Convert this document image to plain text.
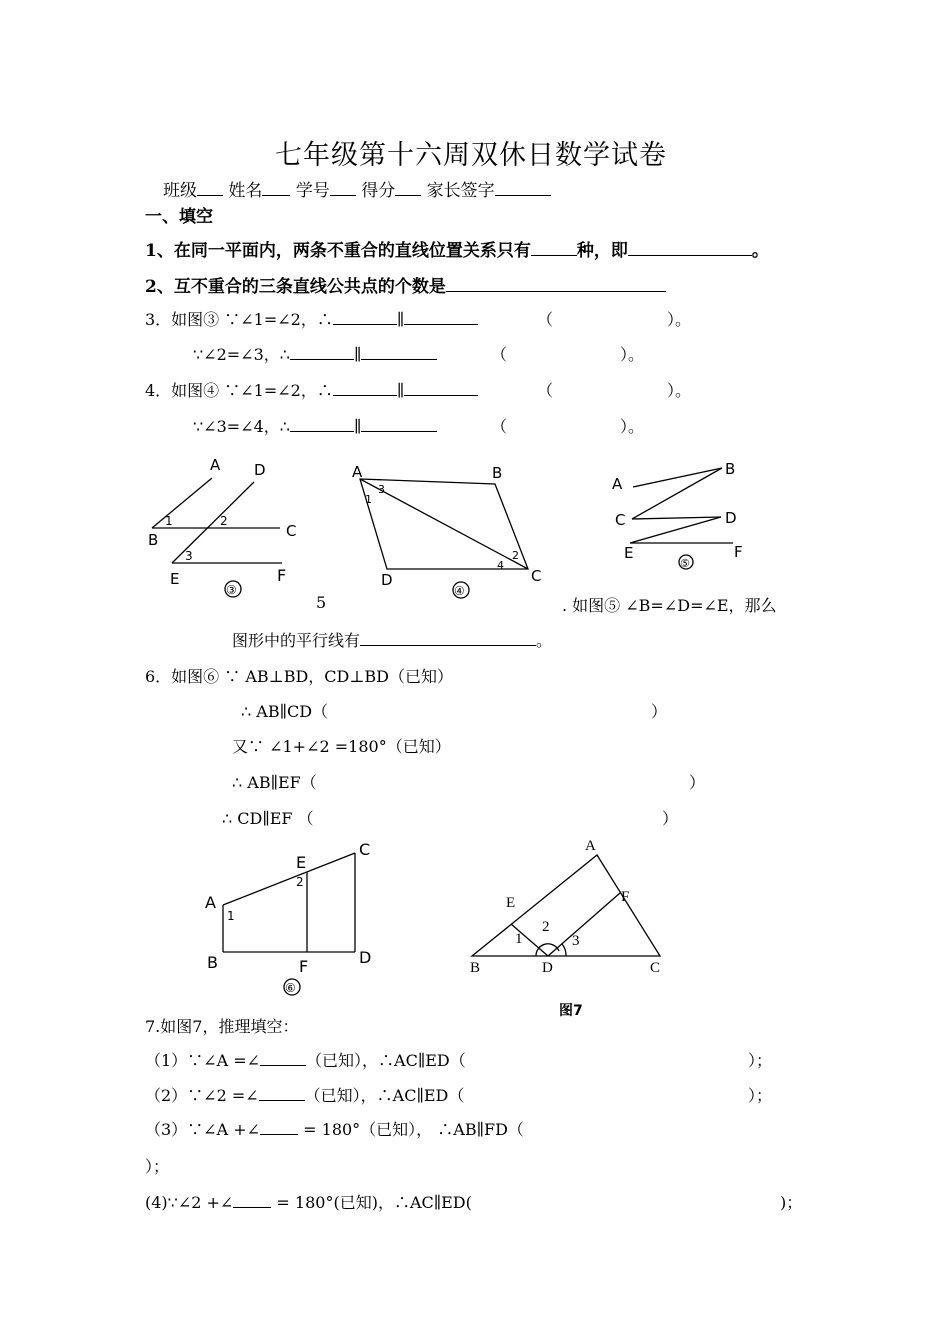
七年级第十六周双休日数学试卷
班级 姓名 学号 得分 家长签字
一、填空
1、在同一平面内，两条不重合的直线位置关系只有	种，即	。
2、互不重合的三条直线公共点的个数是
3．如图③ ∵∠1=∠2，∴	∥	（	）。
∵∠2=∠3，∴	∥	（	）。
4．如图④ ∵∠1=∠2，∴	∥	（	）。
∵∠3=∠4，∴	∥	（	）。
A D
B	C
E	F
1	2
3
③
A	B
C
D
1
3
2
4
④
A
B
C	D
E	F
⑤
5	. 如图⑤ ∠B=∠D=∠E，那么
图形中的平行线有	。
6．如图⑥ ∵ AB⊥BD，CD⊥BD（已知）
∴ AB∥CD（	）
又∵ ∠1+∠2 =180°（已知）
∴ AB∥EF（	）
∴ CD∥EF （	）
A
B
C
D
E
F
1
2
⑥
A
B	C
D
E	F
1
2
3
图7
7.如图7，推理填空：
（1）∵∠A =∠	（已知），∴AC∥ED（	）；
（2）∵∠2 =∠	（已知），∴AC∥ED（	）；
（3）∵∠A +∠	= 180°（已知）， ∴AB∥FD（
）；
(4)∵∠2 +∠	= 180°(已知)，∴AC∥ED(	)；
